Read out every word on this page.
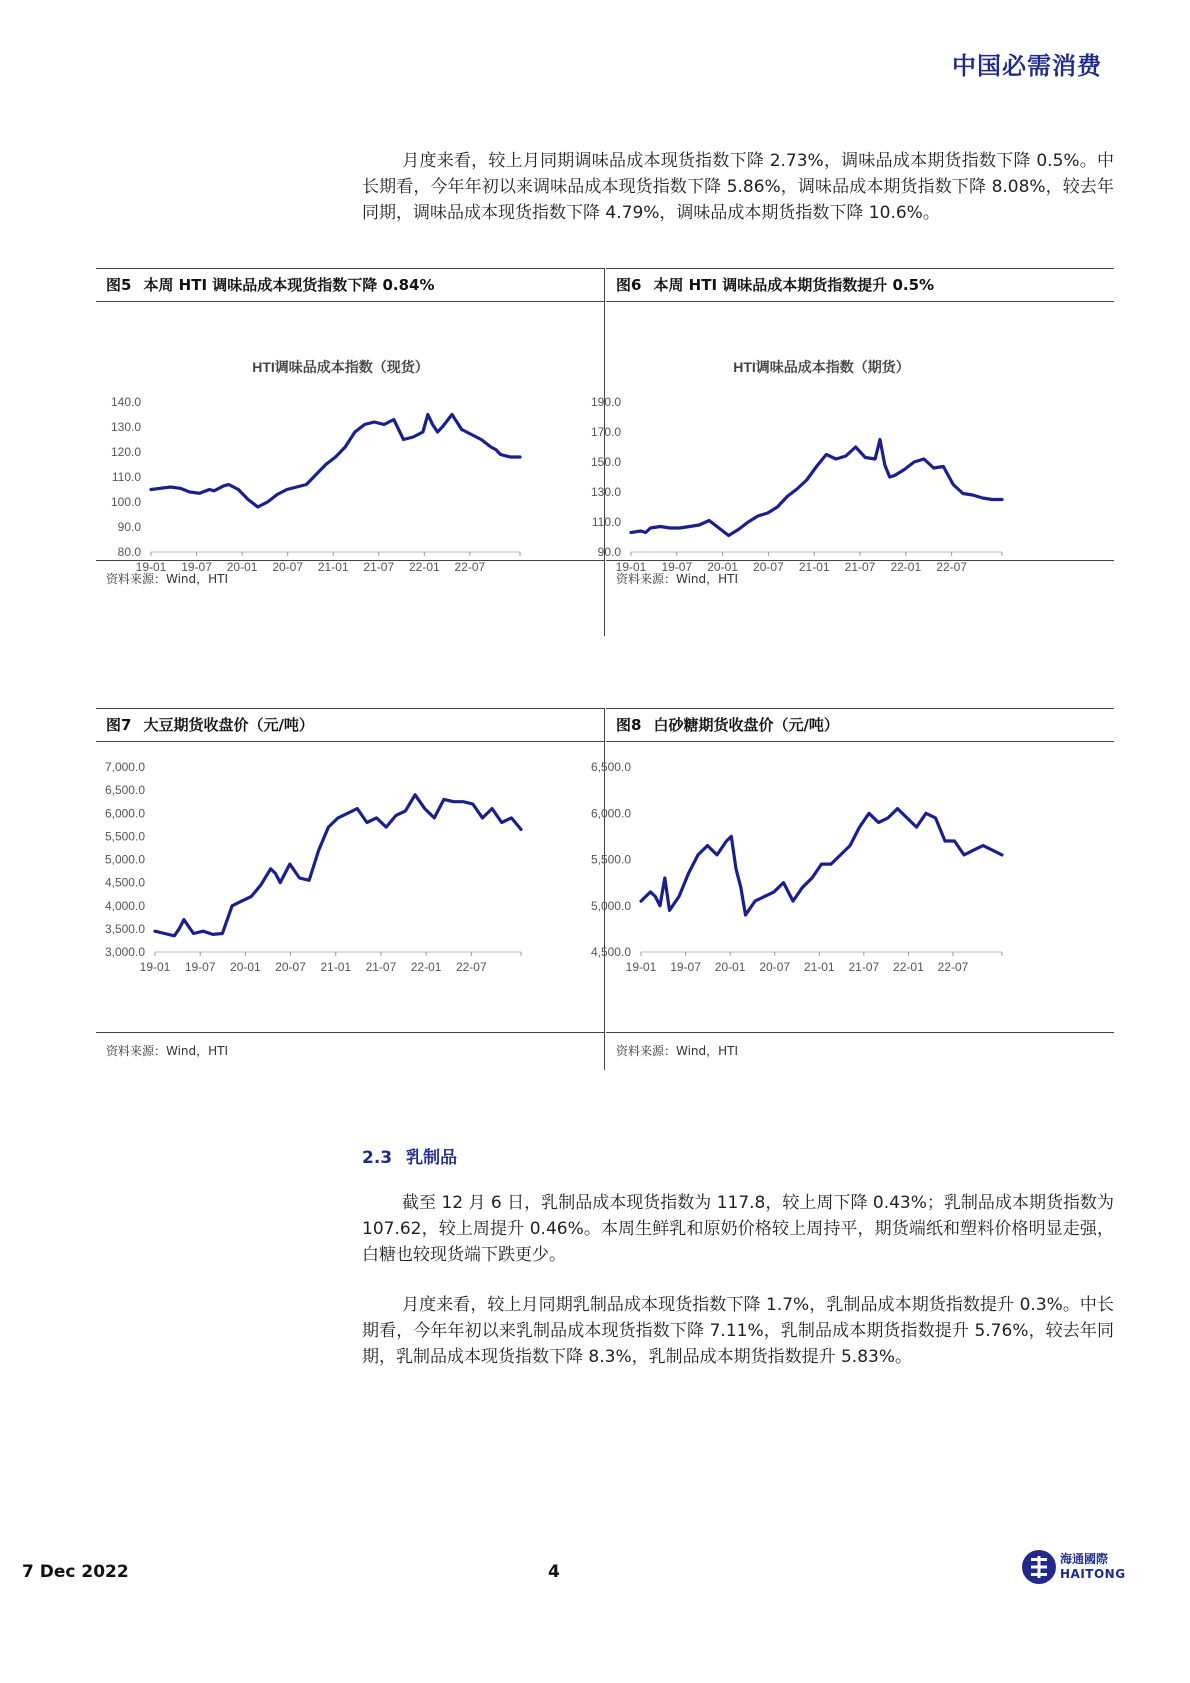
中国必需消费
月度来看，较上月同期调味品成本现货指数下降 2.73%，调味品成本期货指数下降 0.5%。中长期看，今年年初以来调味品成本现货指数下降 5.86%，调味品成本期货指数下降 8.08%，较去年同期，调味品成本现货指数下降 4.79%，调味品成本期货指数下降 10.6%。
图5 本周 HTI 调味品成本现货指数下降 0.84%
HTI调味品成本指数（现货）
80.0
90.0
100.0
110.0
120.0
130.0
140.0
19-01 19-07 20-01 20-07 21-01 21-07 22-01 22-07
资料来源：Wind，HTI
图6 本周 HTI 调味品成本期货指数提升 0.5%
HTI调味品成本指数（期货）
90.0
110.0
130.0
150.0
170.0
190.0
19-01 19-07 20-01 20-07 21-01 21-07 22-01 22-07
资料来源：Wind，HTI
图7 大豆期货收盘价（元/吨）
3,000.0
3,500.0
4,000.0
4,500.0
5,000.0
5,500.0
6,000.0
6,500.0
7,000.0
19-01 19-07 20-01 20-07 21-01 21-07 22-01 22-07
资料来源：Wind，HTI
图8 白砂糖期货收盘价（元/吨）
4,500.0
5,000.0
5,500.0
6,000.0
6,500.0
19-01 19-07 20-01 20-07 21-01 21-07 22-01 22-07
资料来源：Wind，HTI
2.3 乳制品
截至 12 月 6 日，乳制品成本现货指数为 117.8，较上周下降 0.43%；乳制品成本期货指数为 107.62，较上周提升 0.46%。本周生鲜乳和原奶价格较上周持平，期货端纸和塑料价格明显走强，白糖也较现货端下跌更少。
月度来看，较上月同期乳制品成本现货指数下降 1.7%，乳制品成本期货指数提升 0.3%。中长期看，今年年初以来乳制品成本现货指数下降 7.11%，乳制品成本期货指数提升 5.76%，较去年同期，乳制品成本现货指数下降 8.3%，乳制品成本期货指数提升 5.83%。
7 Dec 2022	4
海通國際
HAITONG
